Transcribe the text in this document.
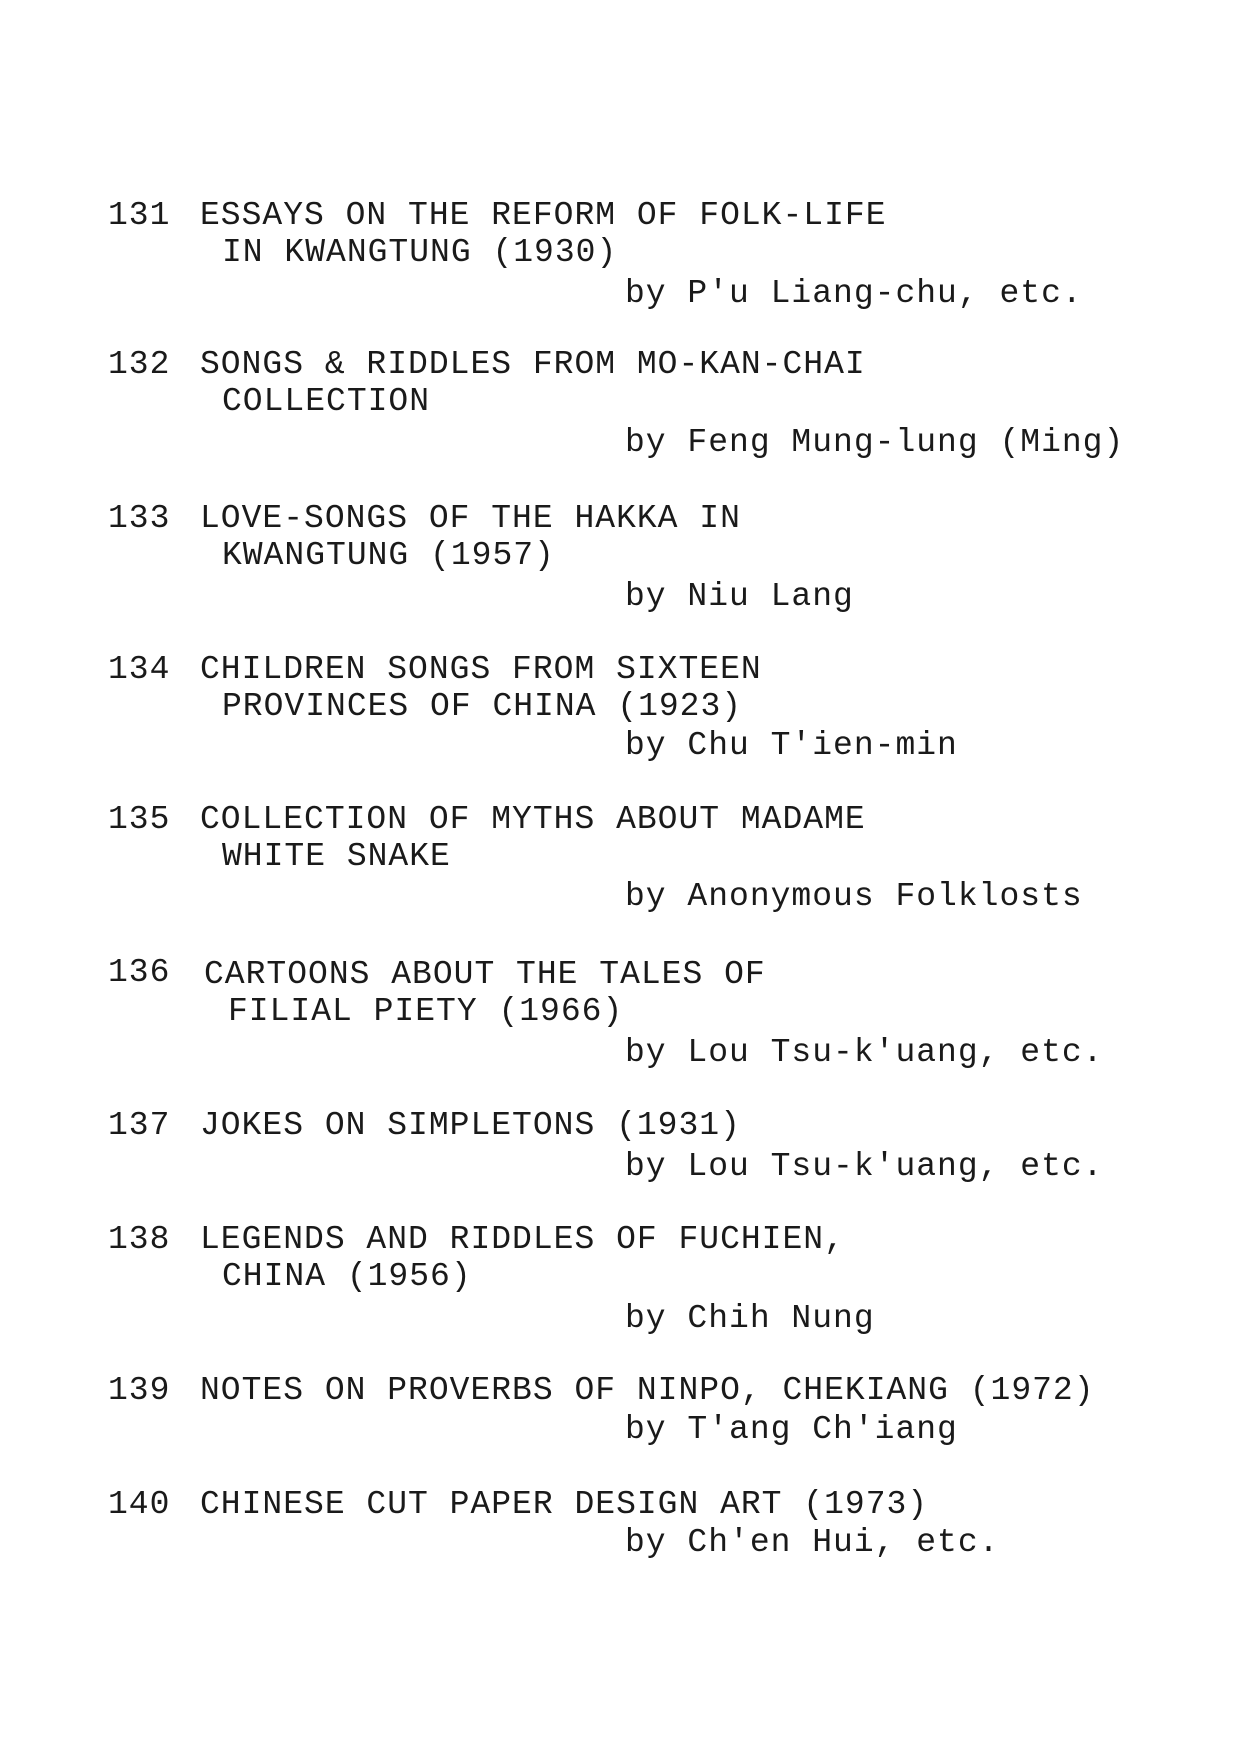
131 ESSAYS ON THE REFORM OF FOLK-LIFE
IN KWANGTUNG (1930)
by P'u Liang-chu, etc.
132 SONGS & RIDDLES FROM MO-KAN-CHAI
COLLECTION
by Feng Mung-lung (Ming)
133 LOVE-SONGS OF THE HAKKA IN
KWANGTUNG (1957)
by Niu Lang
134 CHILDREN SONGS FROM SIXTEEN
PROVINCES OF CHINA (1923)
by Chu T'ien-min
135 COLLECTION OF MYTHS ABOUT MADAME
WHITE SNAKE
by Anonymous Folklosts
136 CARTOONS ABOUT THE TALES OF
FILIAL PIETY (1966)
by Lou Tsu-k'uang, etc.
137 JOKES ON SIMPLETONS (1931)
by Lou Tsu-k'uang, etc.
138 LEGENDS AND RIDDLES OF FUCHIEN,
CHINA (1956)
by Chih Nung
139 NOTES ON PROVERBS OF NINPO, CHEKIANG (1972)
by T'ang Ch'iang
140 CHINESE CUT PAPER DESIGN ART (1973)
by Ch'en Hui, etc.
